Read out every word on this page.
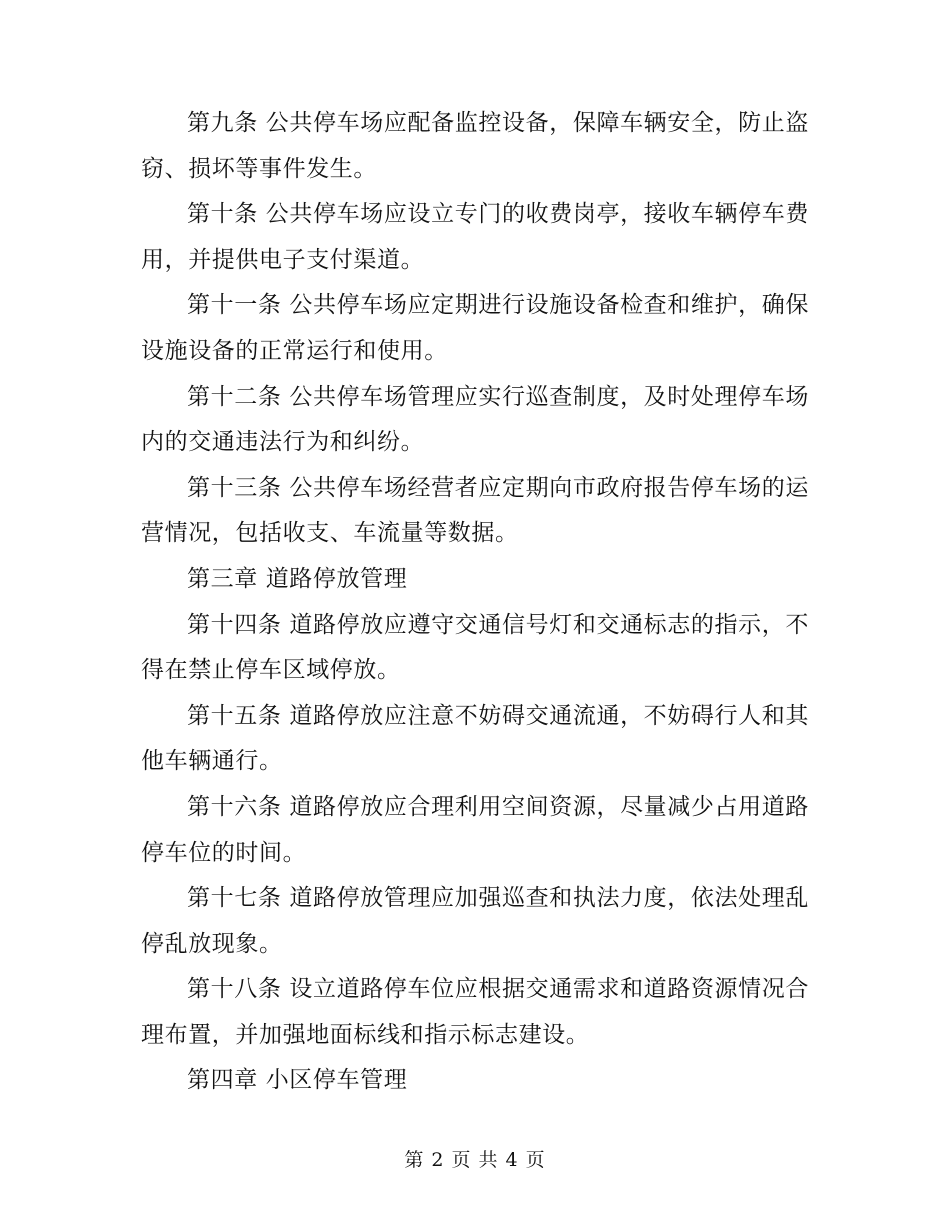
第九条 公共停车场应配备监控设备，保障车辆安全，防止盗窃、损坏等事件发生。

第十条 公共停车场应设立专门的收费岗亭，接收车辆停车费用，并提供电子支付渠道。

第十一条 公共停车场应定期进行设施设备检查和维护，确保设施设备的正常运行和使用。

第十二条 公共停车场管理应实行巡查制度，及时处理停车场内的交通违法行为和纠纷。

第十三条 公共停车场经营者应定期向市政府报告停车场的运营情况，包括收支、车流量等数据。

第三章 道路停放管理

第十四条 道路停放应遵守交通信号灯和交通标志的指示，不得在禁止停车区域停放。

第十五条 道路停放应注意不妨碍交通流通，不妨碍行人和其他车辆通行。

第十六条 道路停放应合理利用空间资源，尽量减少占用道路停车位的时间。

第十七条 道路停放管理应加强巡查和执法力度，依法处理乱停乱放现象。

第十八条 设立道路停车位应根据交通需求和道路资源情况合理布置，并加强地面标线和指示标志建设。

第四章 小区停车管理

第 2 页 共 4 页
